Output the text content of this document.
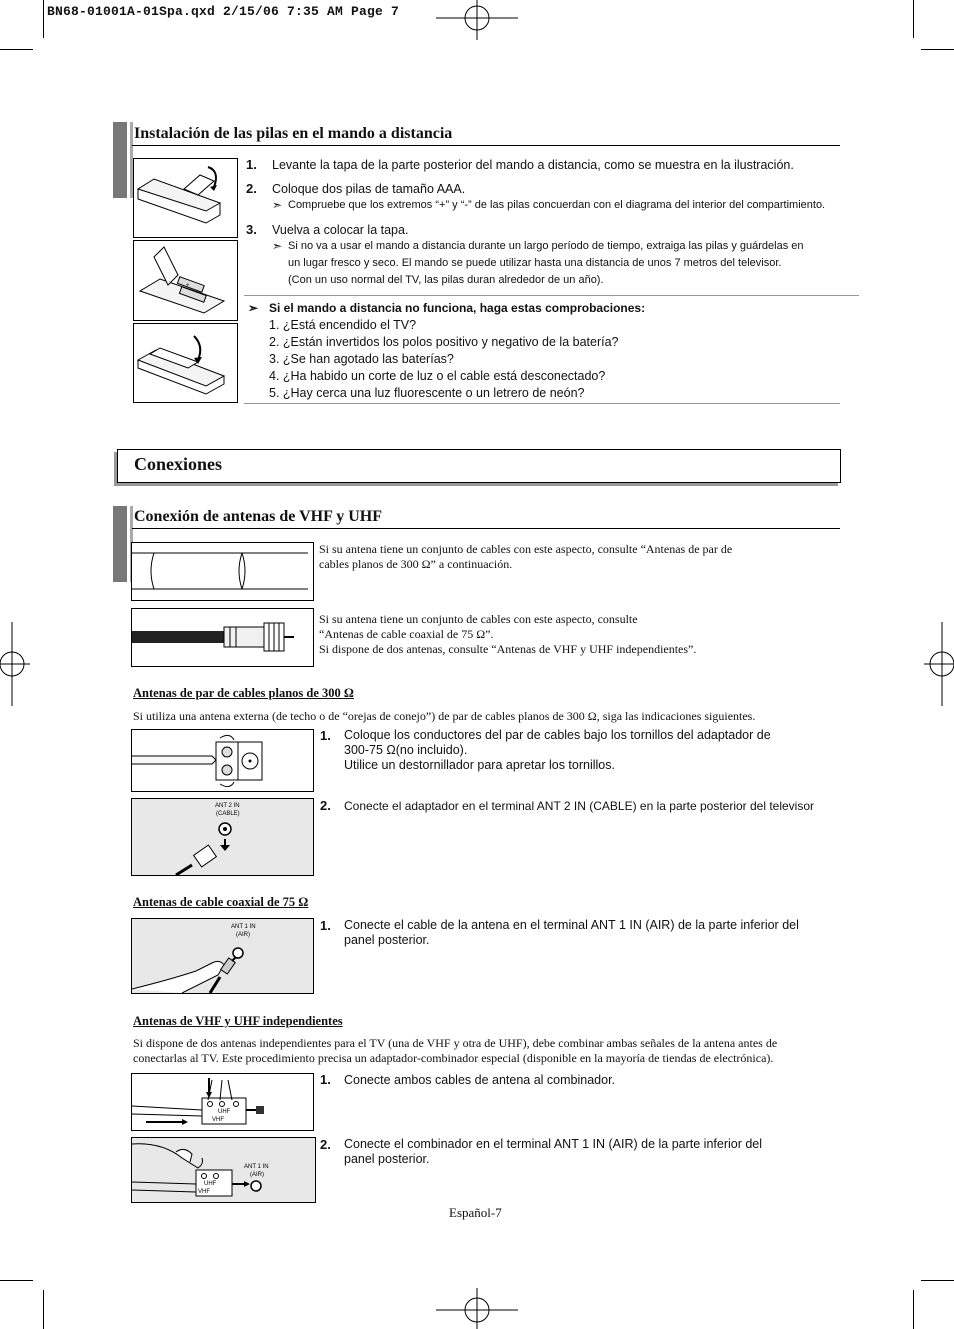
BN68-01001A-01Spa.qxd 2/15/06 7:35 AM Page 7
Instalación de las pilas en el mando a distancia
+
1. Levante la tapa de la parte posterior del mando a distancia, como se muestra en la ilustración.
2. Coloque dos pilas de tamaño AAA.
➣ Compruebe que los extremos “+” y “-” de las pilas concuerdan con el diagrama del interior del compartimiento.
3. Vuelva a colocar la tapa.
➣ Si no va a usar el mando a distancia durante un largo período de tiempo, extraiga las pilas y guárdelas en
un lugar fresco y seco. El mando se puede utilizar hasta una distancia de unos 7 metros del televisor.
(Con un uso normal del TV, las pilas duran alrededor de un año).
➣ Si el mando a distancia no funciona, haga estas comprobaciones:
1. ¿Está encendido el TV?
2. ¿Están invertidos los polos positivo y negativo de la batería?
3. ¿Se han agotado las baterías?
4. ¿Ha habido un corte de luz o el cable está desconectado?
5. ¿Hay cerca una luz fluorescente o un letrero de neón?
Conexiones
Conexión de antenas de VHF y UHF
Si su antena tiene un conjunto de cables con este aspecto, consulte “Antenas de par de
cables planos de 300 Ω” a continuación.
Si su antena tiene un conjunto de cables con este aspecto, consulte
“Antenas de cable coaxial de 75 Ω”.
Si dispone de dos antenas, consulte “Antenas de VHF y UHF independientes”.
Antenas de par de cables planos de 300 Ω
Si utiliza una antena externa (de techo o de “orejas de conejo”) de par de cables planos de 300 Ω, siga las indicaciones siguientes.
1. Coloque los conductores del par de cables bajo los tornillos del adaptador de
300-75 Ω(no incluido).
Utilice un destornillador para apretar los tornillos.
ANT 2 IN
(CABLE)
2. Conecte el adaptador en el terminal ANT 2 IN (CABLE) en la parte posterior del televisor
Antenas de cable coaxial de 75 Ω
ANT 1 IN
(AIR)
1. Conecte el cable de la antena en el terminal ANT 1 IN (AIR) de la parte inferior del
panel posterior.
Antenas de VHF y UHF independientes
Si dispone de dos antenas independientes para el TV (una de VHF y otra de UHF), debe combinar ambas señales de la antena antes de
conectarlas al TV. Este procedimiento precisa un adaptador-combinador especial (disponible en la mayoría de tiendas de electrónica).
UHF
VHF
1. Conecte ambos cables de antena al combinador.
UHF
VHF
ANT 1 IN
(AIR)
2. Conecte el combinador en el terminal ANT 1 IN (AIR) de la parte inferior del
panel posterior.
Español-7
